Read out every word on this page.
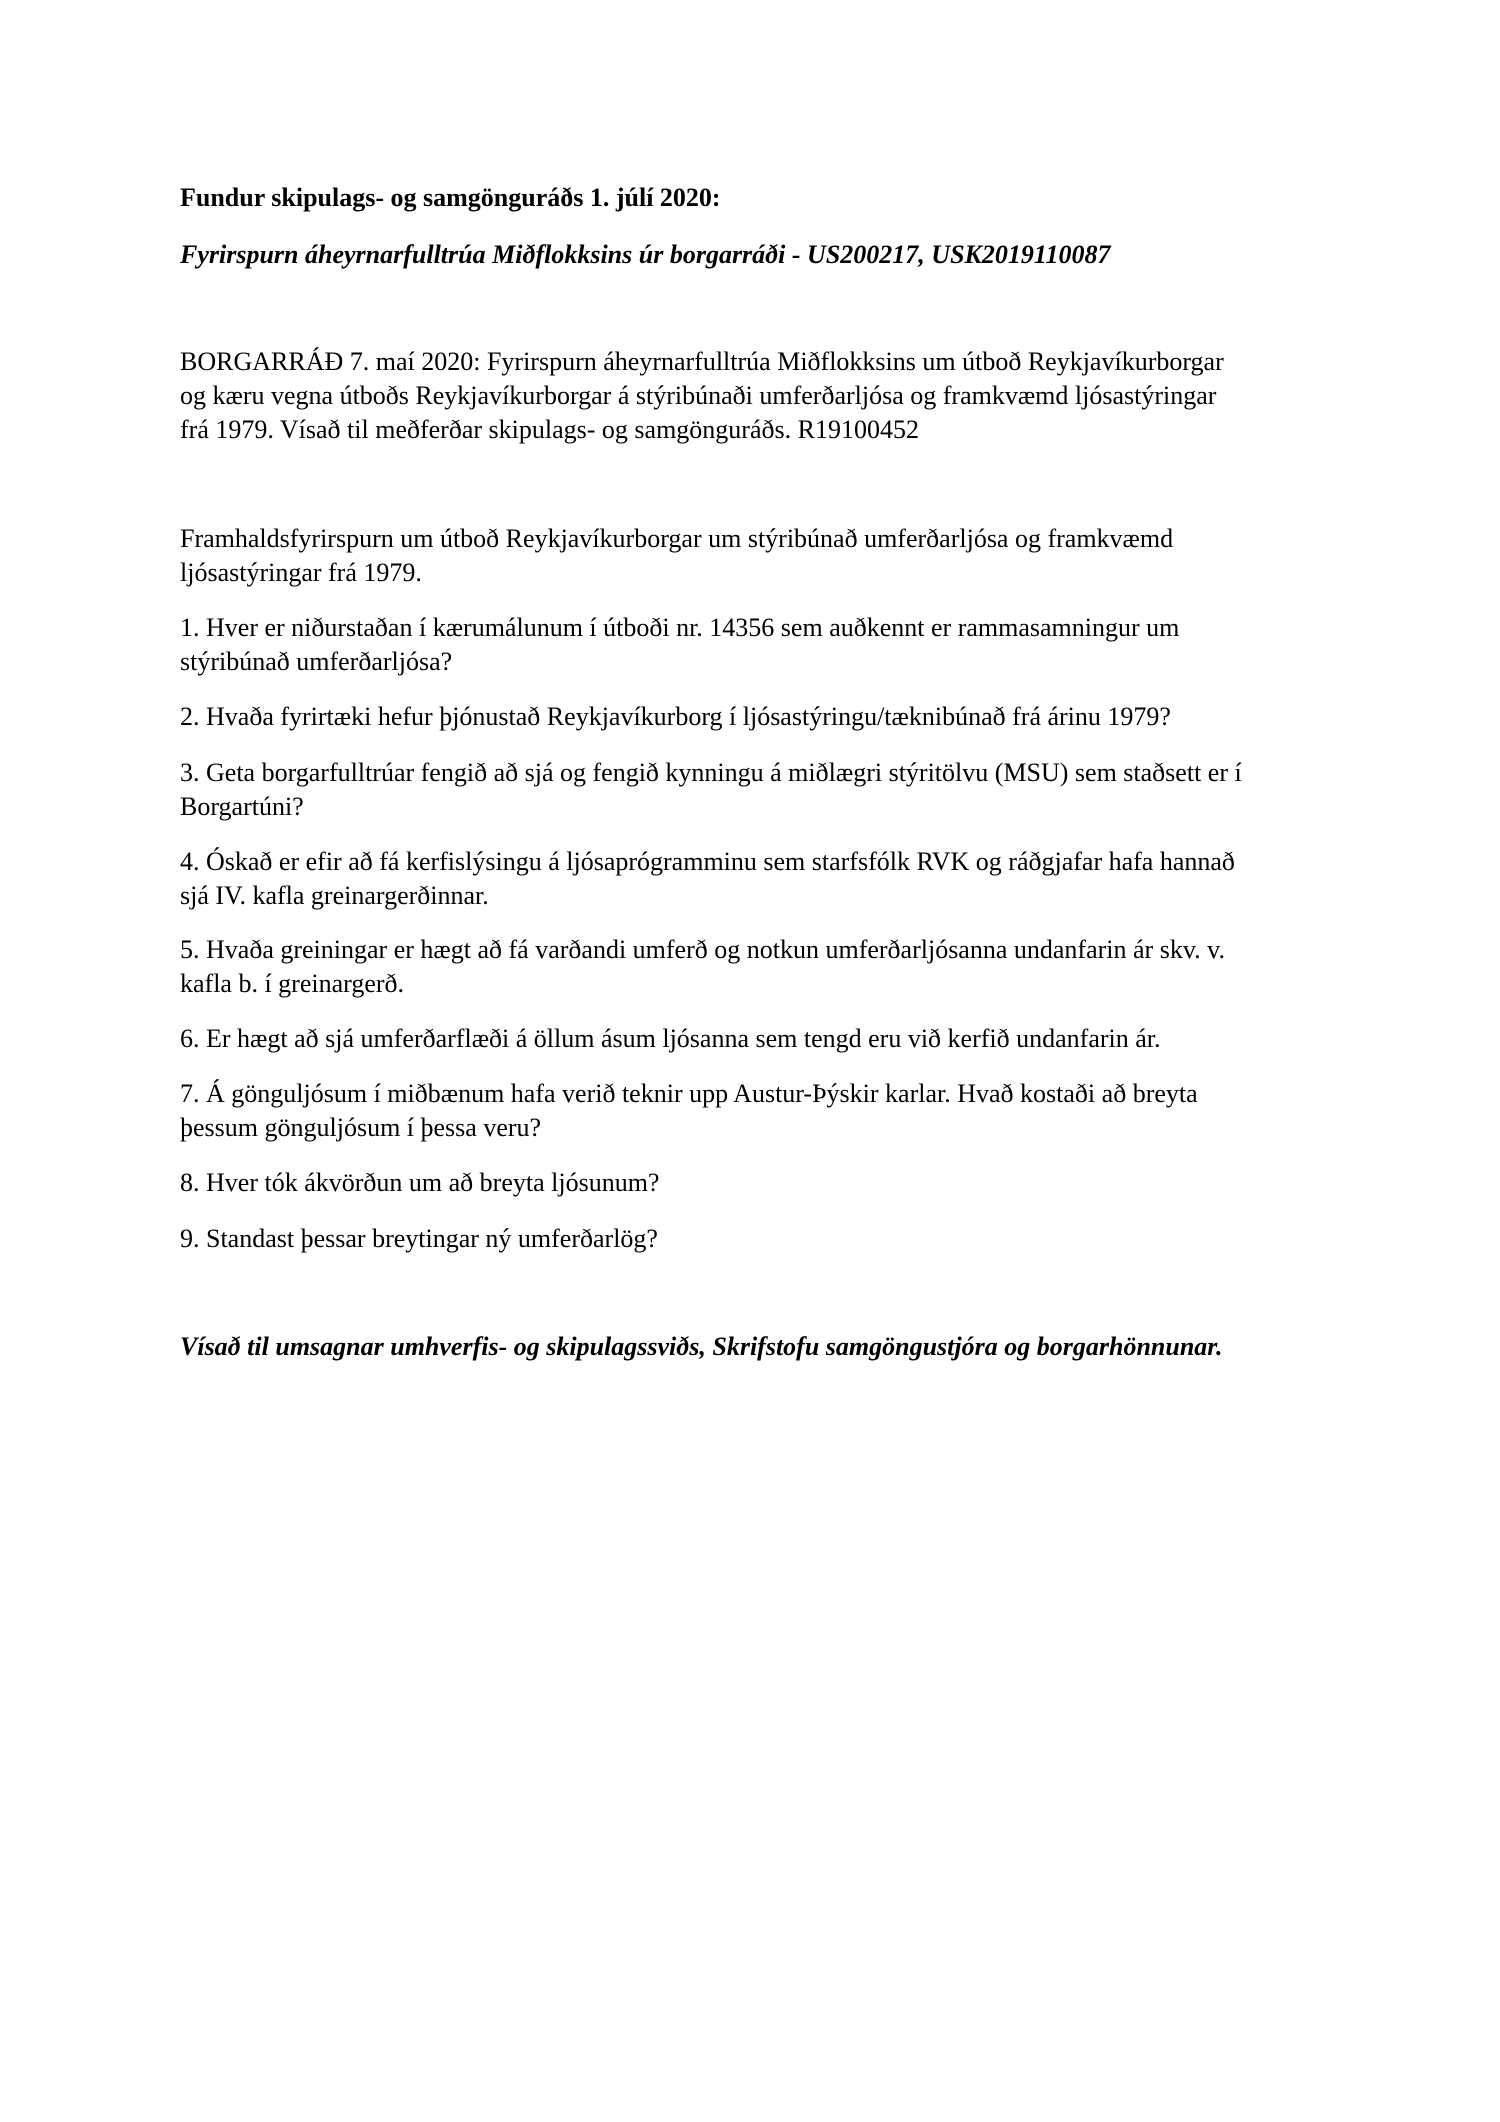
Fundur skipulags- og samgönguráðs 1. júlí 2020:

Fyrirspurn áheyrnarfulltrúa Miðflokksins úr borgarráði - US200217, USK2019110087

BORGARRÁÐ 7. maí 2020: Fyrirspurn áheyrnarfulltrúa Miðflokksins um útboð Reykjavíkurborgar
og kæru vegna útboðs Reykjavíkurborgar á stýribúnaði umferðarljósa og framkvæmd ljósastýringar
frá 1979. Vísað til meðferðar skipulags- og samgönguráðs. R19100452
Framhaldsfyrirspurn um útboð Reykjavíkurborgar um stýribúnað umferðarljósa og framkvæmd
ljósastýringar frá 1979.
1. Hver er niðurstaðan í kærumálunum í útboði nr. 14356 sem auðkennt er rammasamningur um
stýribúnað umferðarljósa?
2. Hvaða fyrirtæki hefur þjónustað Reykjavíkurborg í ljósastýringu/tæknibúnað frá árinu 1979?
3. Geta borgarfulltrúar fengið að sjá og fengið kynningu á miðlægri stýritölvu (MSU) sem staðsett er í
Borgartúni?
4. Óskað er efir að fá kerfislýsingu á ljósaprógramminu sem starfsfólk RVK og ráðgjafar hafa hannað
sjá IV. kafla greinargerðinnar.
5. Hvaða greiningar er hægt að fá varðandi umferð og notkun umferðarljósanna undanfarin ár skv. v.
kafla b. í greinargerð.
6. Er hægt að sjá umferðarflæði á öllum ásum ljósanna sem tengd eru við kerfið undanfarin ár.
7. Á gönguljósum í miðbænum hafa verið teknir upp Austur-Þýskir karlar. Hvað kostaði að breyta
þessum gönguljósum í þessa veru?
8. Hver tók ákvörðun um að breyta ljósunum?
9. Standast þessar breytingar ný umferðarlög?

Vísað til umsagnar umhverfis- og skipulagssviðs, Skrifstofu samgöngustjóra og borgarhönnunar.
